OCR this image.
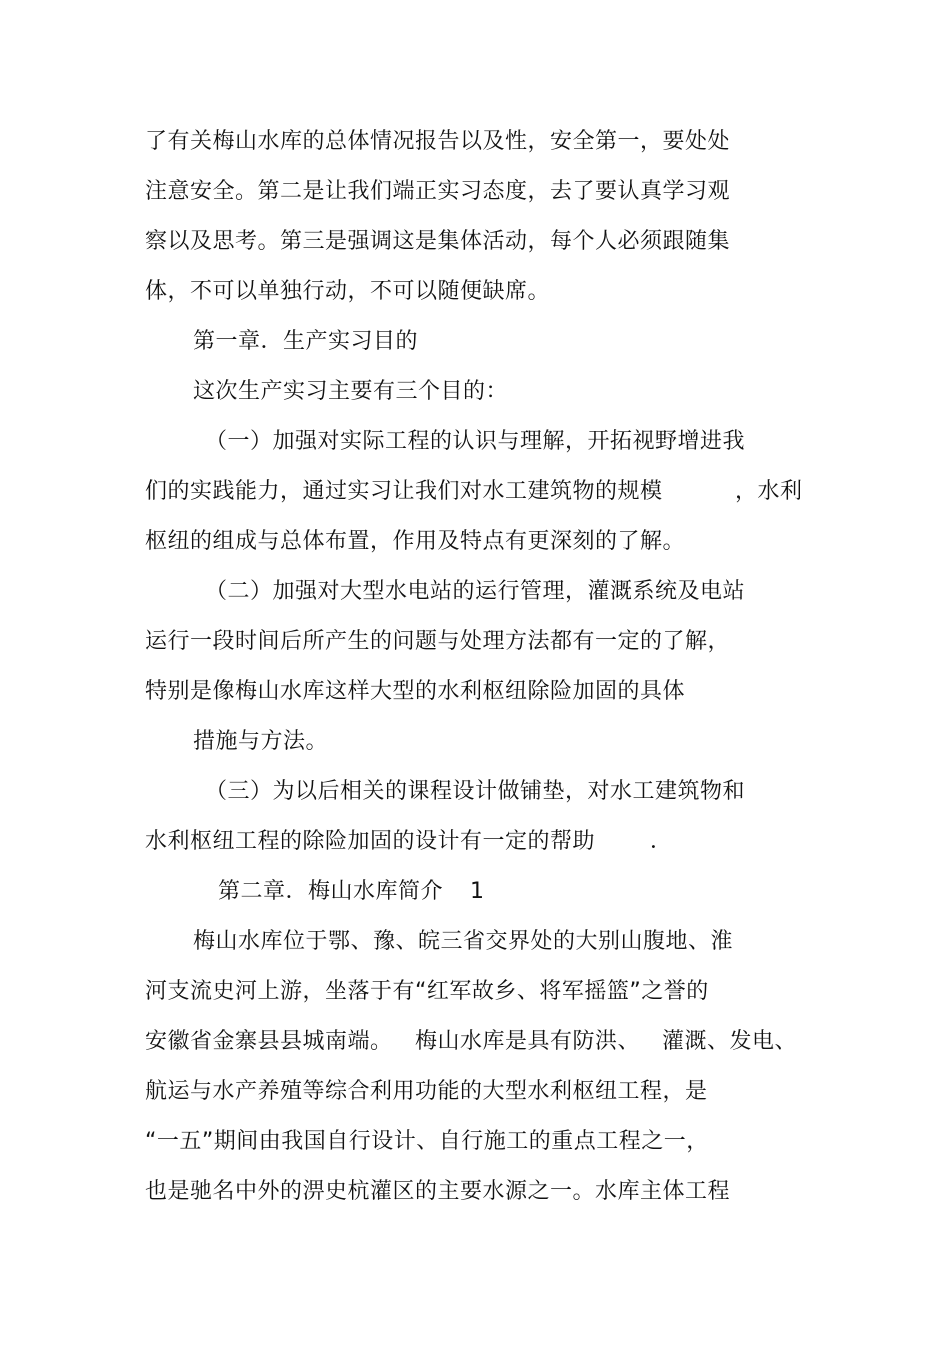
了有关梅山水库的总体情况报告以及性，安全第一，要处处
注意安全。第二是让我们端正实习态度，去了要认真学习观
察以及思考。第三是强调这是集体活动，每个人必须跟随集
体，不可以单独行动，不可以随便缺席。
第一章．生产实习目的
这次生产实习主要有三个目的：
（一）加强对实际工程的认识与理解，开拓视野增进我
们的实践能力，通过实习让我们对水工建筑物的规模	，水利
枢纽的组成与总体布置，作用及特点有更深刻的了解。
（二）加强对大型水电站的运行管理，灌溉系统及电站
运行一段时间后所产生的问题与处理方法都有一定的了解，
特别是像梅山水库这样大型的水利枢纽除险加固的具体
措施与方法。
（三）为以后相关的课程设计做铺垫，对水工建筑物和
水利枢纽工程的除险加固的设计有一定的帮助 ．
第二章．梅山水库简介 1
梅山水库位于鄂、豫、皖三省交界处的大别山腹地、淮
河支流史河上游，坐落于有“红军故乡、将军摇篮”之誉的
安徽省金寨县县城南端。 梅山水库是具有防洪、 灌溉、发电、
航运与水产养殖等综合利用功能的大型水利枢纽工程，是
“一五”期间由我国自行设计、自行施工的重点工程之一，
也是驰名中外的淠史杭灌区的主要水源之一。水库主体工程
